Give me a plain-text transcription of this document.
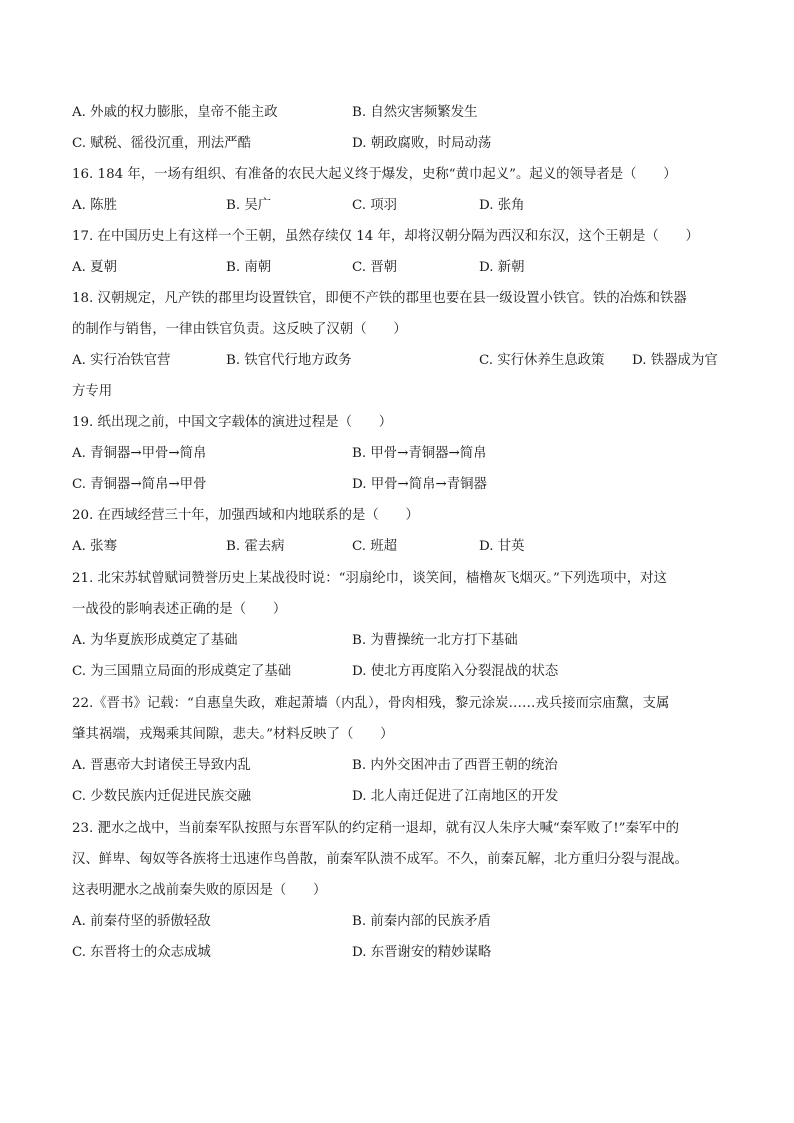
A. 外戚的权力膨胀，皇帝不能主政	B. 自然灾害频繁发生
C. 赋税、徭役沉重，刑法严酷	D. 朝政腐败，时局动荡
16. 184 年，一场有组织、有准备的农民大起义终于爆发，史称“黄巾起义”。起义的领导者是（　　）
A. 陈胜	B. 吴广	C. 项羽	D. 张角
17. 在中国历史上有这样一个王朝，虽然存续仅 14 年，却将汉朝分隔为西汉和东汉，这个王朝是（　　）
A. 夏朝	B. 南朝	C. 晋朝	D. 新朝
18. 汉朝规定，凡产铁的郡里均设置铁官，即便不产铁的郡里也要在县一级设置小铁官。铁的冶炼和铁器
的制作与销售，一律由铁官负责。这反映了汉朝（　　）
A. 实行冶铁官营	B. 铁官代行地方政务	C. 实行休养生息政策 D. 铁器成为官
方专用
19. 纸出现之前，中国文字载体的演进过程是（　　）
A. 青铜器→甲骨→简帛	B. 甲骨→青铜器→简帛
C. 青铜器→简帛→甲骨	D. 甲骨→简帛→青铜器
20. 在西域经营三十年，加强西域和内地联系的是（　　）
A. 张骞	B. 霍去病	C. 班超	D. 甘英
21. 北宋苏轼曾赋词赞誉历史上某战役时说：“羽扇纶巾，谈笑间，樯橹灰飞烟灭。”下列选项中，对这
一战役的影响表述正确的是（　　）
A. 为华夏族形成奠定了基础	B. 为曹操统一北方打下基础
C. 为三国鼎立局面的形成奠定了基础	D. 使北方再度陷入分裂混战的状态
22.《晋书》记载：“自惠皇失政，难起萧墙（内乱），骨肉相残，黎元涂炭……戎兵接而宗庙黧，支属
肇其祸端，戎羯乘其间隙，悲夫。”材料反映了（　　）
A. 晋惠帝大封诸侯王导致内乱	B. 内外交困冲击了西晋王朝的统治
C. 少数民族内迁促进民族交融	D. 北人南迁促进了江南地区的开发
23. 淝水之战中，当前秦军队按照与东晋军队的约定稍一退却，就有汉人朱序大喊“秦军败了!”秦军中的
汉、鲜卑、匈奴等各族将士迅速作鸟兽散，前秦军队溃不成军。不久，前秦瓦解，北方重归分裂与混战。
这表明淝水之战前秦失败的原因是（　　）
A. 前秦苻坚的骄傲轻敌	B. 前秦内部的民族矛盾
C. 东晋将士的众志成城	D. 东晋谢安的精妙谋略
